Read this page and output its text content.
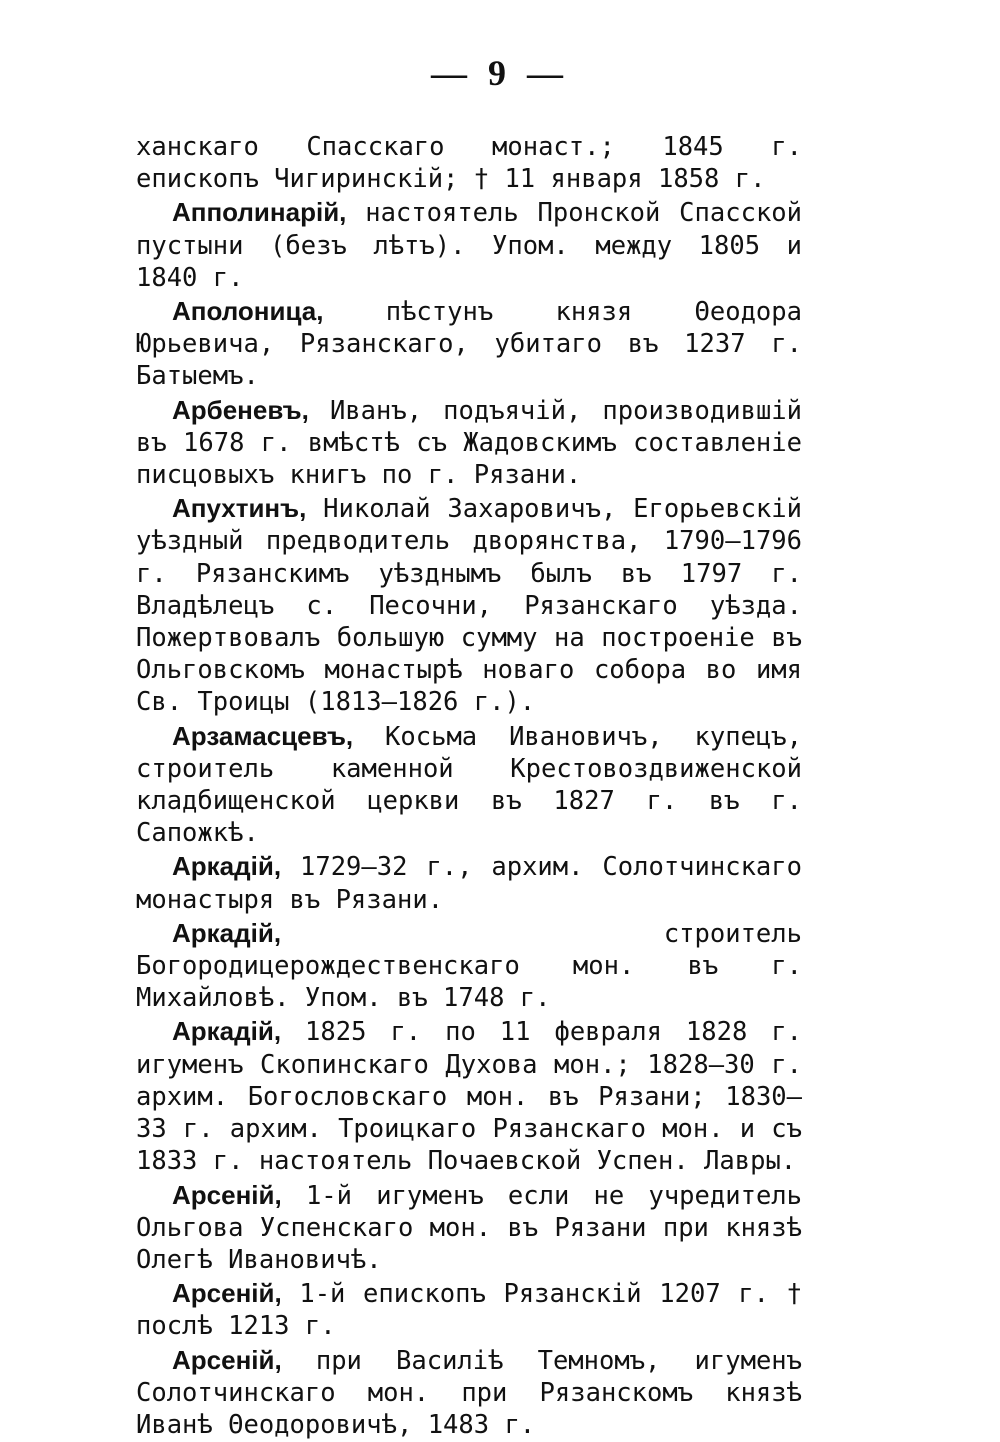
— 9 —

ханскаго Спасскаго монаст.; 1845 г. епископъ Чигиринскій; † 11 января 1858 г.

Апполинарій, настоятель Пронской Спасской пустыни (безъ лѣтъ). Упом. между 1805 и 1840 г.

Аполоница, пѣстунъ князя Θеодора Юрьевича, Рязанскаго, убитаго въ 1237 г. Батыемъ.

Арбеневъ, Иванъ, подъячій, производившій въ 1678 г. вмѣстѣ съ Жадовскимъ составленіе писцовыхъ книгъ по г. Рязани.

Апухтинъ, Николай Захаровичъ, Егорьевскій уѣздный предводитель дворянства, 1790—1796 г. Рязанскимъ уѣзднымъ былъ въ 1797 г. Владѣлецъ с. Песочни, Рязанскаго уѣзда. Пожертвовалъ большую сумму на построеніе въ Ольговскомъ монастырѣ новаго собора во имя Св. Троицы (1813—1826 г.).

Арзамасцевъ, Косьма Ивановичъ, купецъ, строитель каменной Крестовоздвиженской кладбищенской церкви въ 1827 г. въ г. Сапожкѣ.

Аркадій, 1729—32 г., архим. Солотчинскаго монастыря въ Рязани.

Аркадій, строитель Богородицерождественскаго мон. въ г. Михайловѣ. Упом. въ 1748 г.

Аркадій, 1825 г. по 11 февраля 1828 г. игуменъ Скопинскаго Духова мон.; 1828—30 г. архим. Богословскаго мон. въ Рязани; 1830—33 г. архим. Троицкаго Рязанскаго мон. и съ 1833 г. настоятель Почаевской Успен. Лавры.

Арсеній, 1-й игуменъ если не учредитель Ольгова Успенскаго мон. въ Рязани при князѣ Олегѣ Ивановичѣ.

Арсеній, 1-й епископъ Рязанскій 1207 г. † послѣ 1213 г.

Арсеній, при Василіѣ Темномъ, игуменъ Солотчинскаго мон. при Рязанскомъ князѣ Иванѣ Θеодоровичѣ, 1483 г.
